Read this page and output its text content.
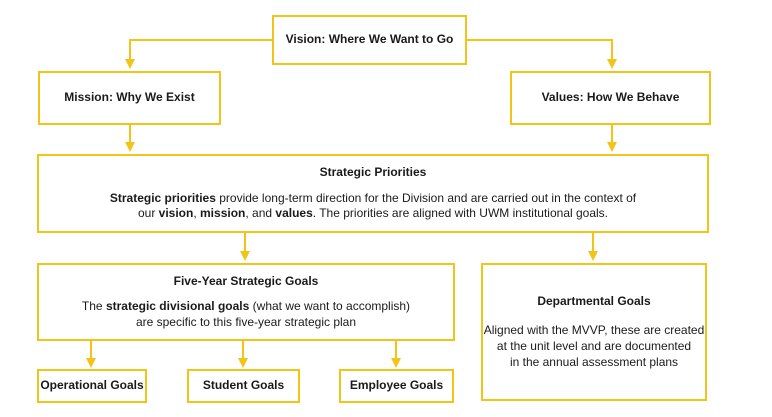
Vision: Where We Want to Go
Mission: Why We Exist	Values: How We Behave
Strategic Priorities
Strategic priorities provide long-term direction for the Division and are carried out in the context of
our vision, mission, and values. The priorities are aligned with UWM institutional goals.
Five-Year Strategic Goals
The strategic divisional goals (what we want to accomplish)
are specific to this five-year strategic plan
Departmental Goals
Aligned with the MVVP, these are created
at the unit level and are documented
in the annual assessment plans
Operational Goals	Student Goals	Employee Goals
